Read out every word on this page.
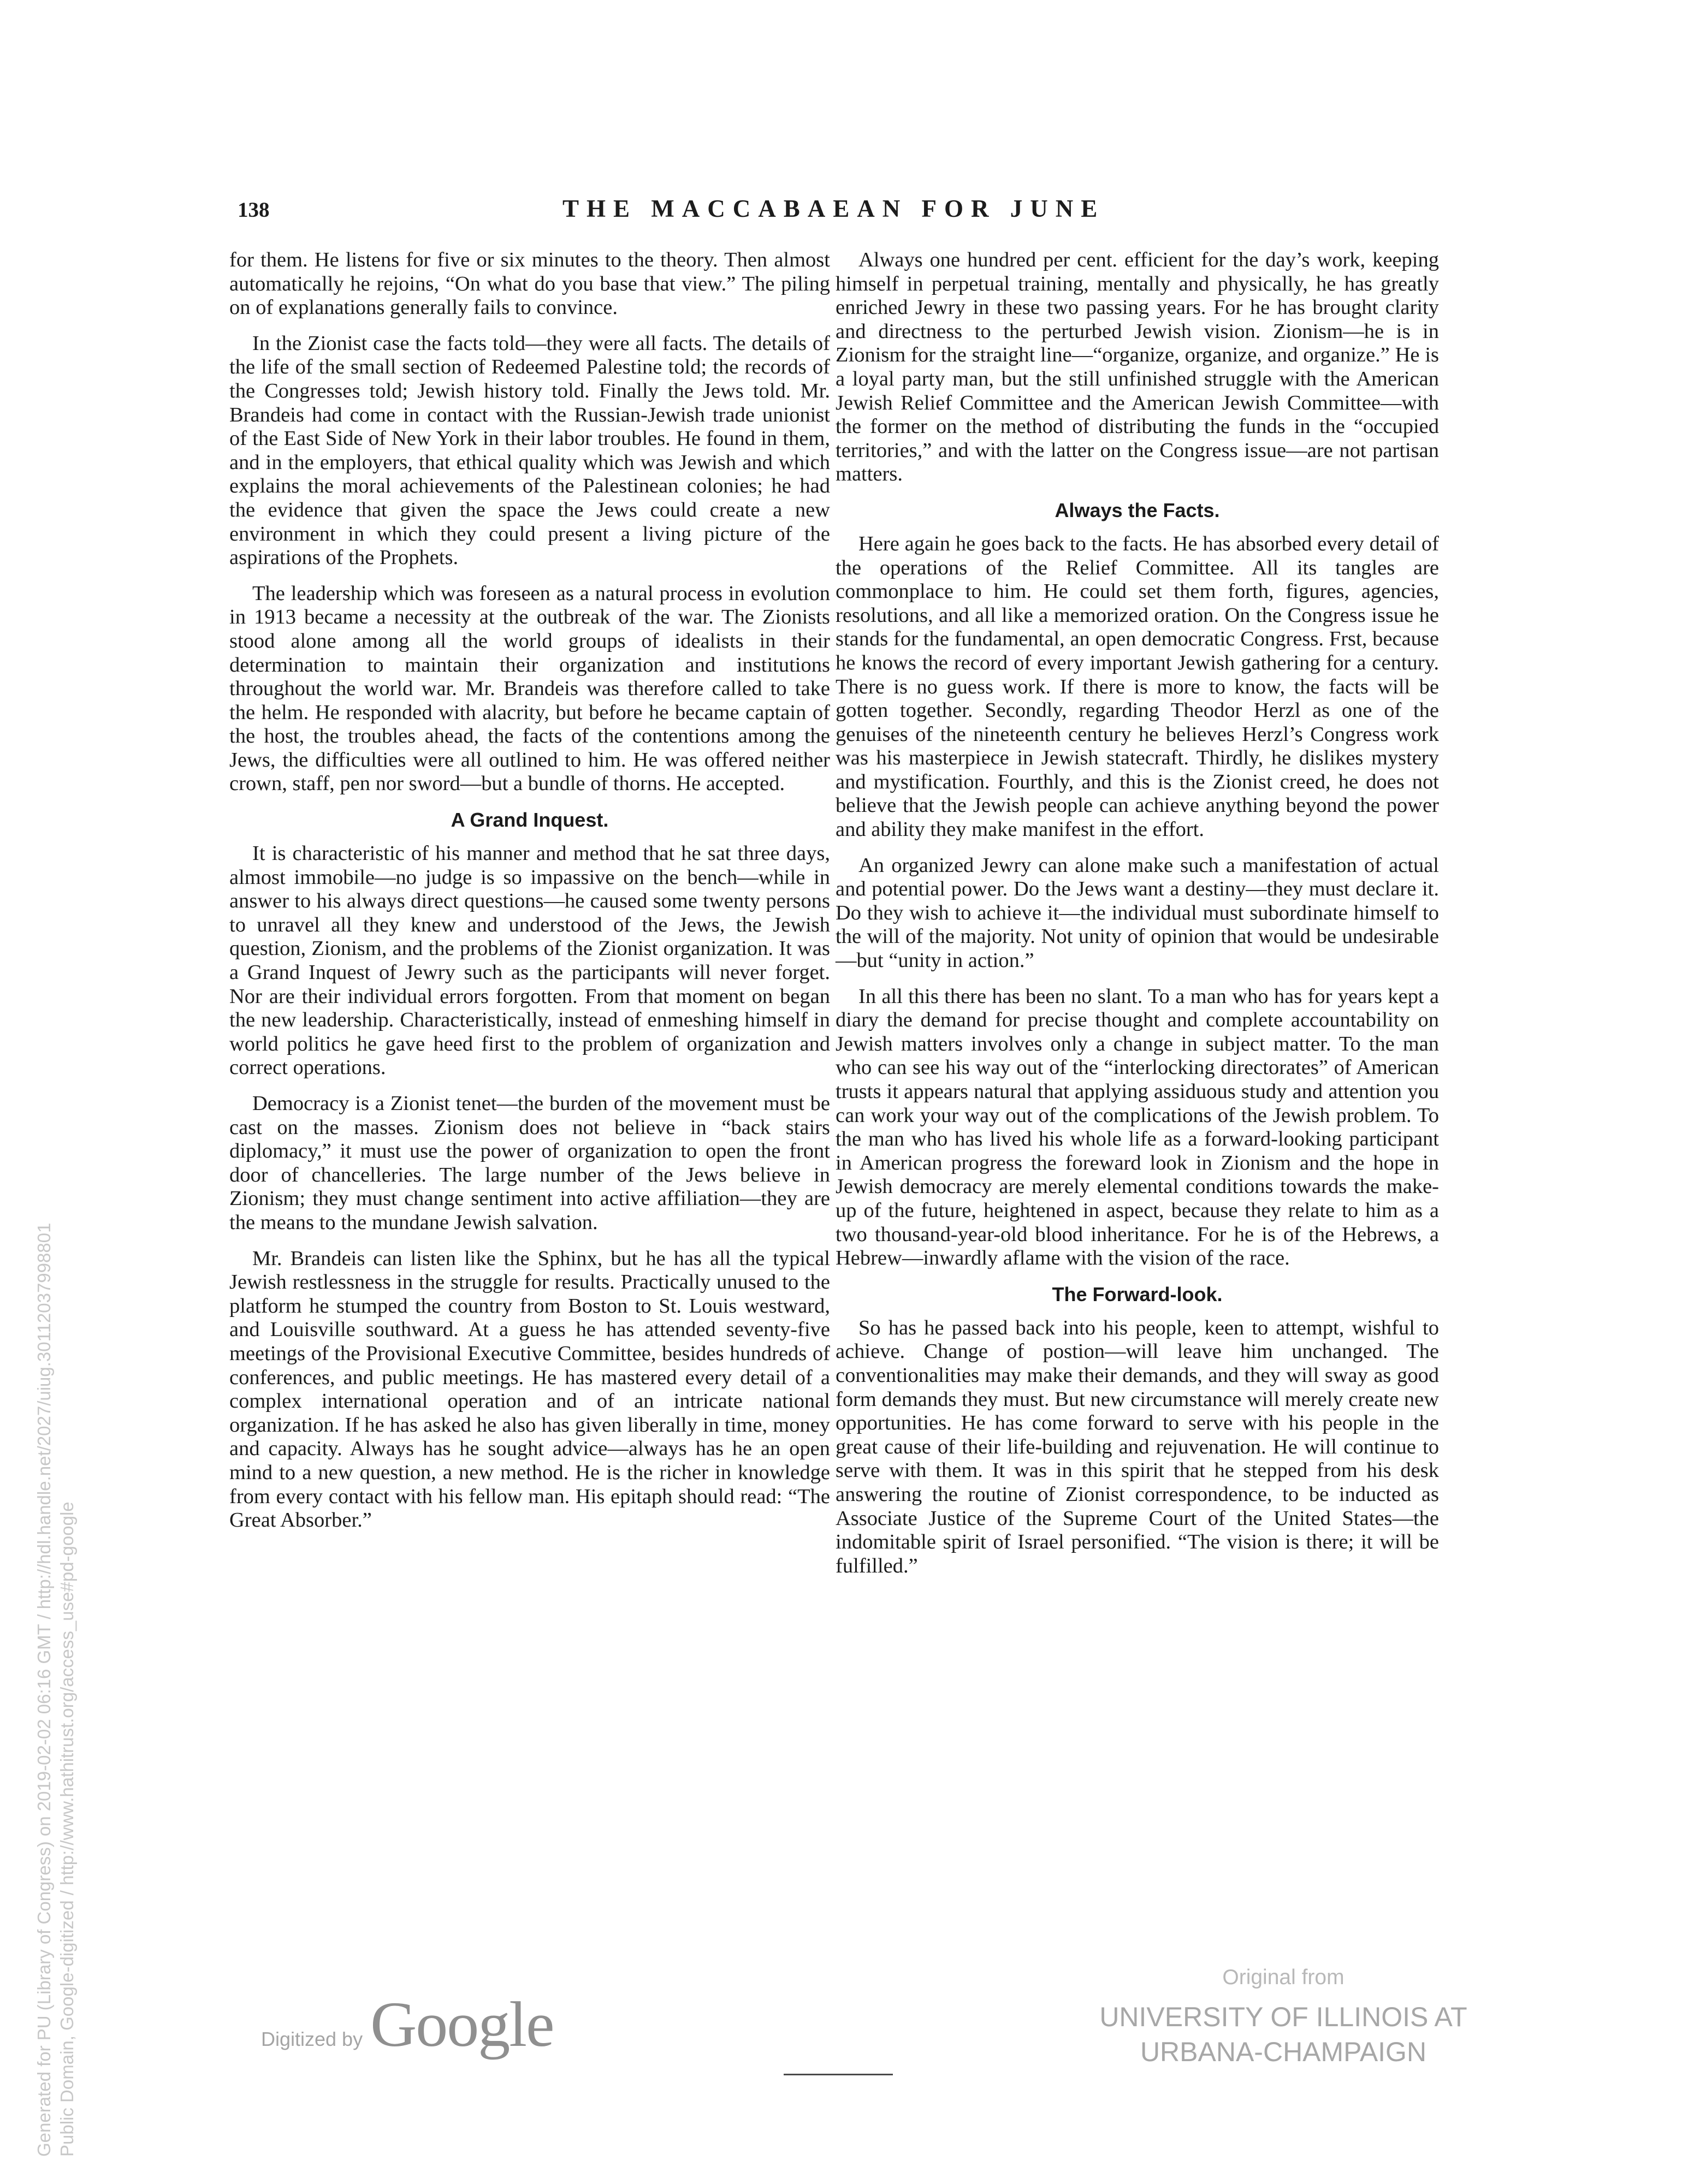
138	THE MACCABAEAN FOR JUNE

for them. He listens for five or six minutes to the theory. Then almost automatically he rejoins, “On what do you base that view.” The piling on of explanations generally fails to convince.

In the Zionist case the facts told—they were all facts. The details of the life of the small section of Redeemed Palestine told; the records of the Congresses told; Jewish history told. Finally the Jews told. Mr. Brandeis had come in contact with the Russian-Jewish trade unionist of the East Side of New York in their labor troubles. He found in them, and in the employers, that ethical quality which was Jewish and which explains the moral achievements of the Palestinean colonies; he had the evidence that given the space the Jews could create a new environment in which they could present a living picture of the aspirations of the Prophets.

The leadership which was foreseen as a natural process in evolution in 1913 became a necessity at the outbreak of the war. The Zionists stood alone among all the world groups of idealists in their determination to maintain their organization and institutions throughout the world war. Mr. Brandeis was therefore called to take the helm. He responded with alacrity, but before he became captain of the host, the troubles ahead, the facts of the contentions among the Jews, the difficulties were all outlined to him. He was offered neither crown, staff, pen nor sword—but a bundle of thorns. He accepted.

A Grand Inquest.

It is characteristic of his manner and method that he sat three days, almost immobile—no judge is so impassive on the bench—while in answer to his always direct questions—he caused some twenty persons to unravel all they knew and understood of the Jews, the Jewish question, Zionism, and the problems of the Zionist organization. It was a Grand Inquest of Jewry such as the participants will never forget. Nor are their individual errors forgotten. From that moment on began the new leadership. Characteristically, instead of enmeshing himself in world politics he gave heed first to the problem of organization and correct operations.

Democracy is a Zionist tenet—the burden of the movement must be cast on the masses. Zionism does not believe in “back stairs diplomacy,” it must use the power of organization to open the front door of chancelleries. The large number of the Jews believe in Zionism; they must change sentiment into active affiliation—they are the means to the mundane Jewish salvation.

Mr. Brandeis can listen like the Sphinx, but he has all the typical Jewish restlessness in the struggle for results. Practically unused to the platform he stumped the country from Boston to St. Louis westward, and Louisville southward. At a guess he has attended seventy-five meetings of the Provisional Executive Committee, besides hundreds of conferences, and public meetings. He has mastered every detail of a complex international operation and of an intricate national organization. If he has asked he also has given liberally in time, money and capacity. Always has he sought advice—always has he an open mind to a new question, a new method. He is the richer in knowledge from every contact with his fellow man. His epitaph should read: “The Great Absorber.”

Always one hundred per cent. efficient for the day’s work, keeping himself in perpetual training, mentally and physically, he has greatly enriched Jewry in these two passing years. For he has brought clarity and directness to the perturbed Jewish vision. Zionism—he is in Zionism for the straight line—“organize, organize, and organize.” He is a loyal party man, but the still unfinished struggle with the American Jewish Relief Committee and the American Jewish Committee—with the former on the method of distributing the funds in the “occupied territories,” and with the latter on the Congress issue—are not partisan matters.

Always the Facts.

Here again he goes back to the facts. He has absorbed every detail of the operations of the Relief Committee. All its tangles are commonplace to him. He could set them forth, figures, agencies, resolutions, and all like a memorized oration. On the Congress issue he stands for the fundamental, an open democratic Congress. Frst, because he knows the record of every important Jewish gathering for a century. There is no guess work. If there is more to know, the facts will be gotten together. Secondly, regarding Theodor Herzl as one of the genuises of the nineteenth century he believes Herzl’s Congress work was his masterpiece in Jewish statecraft. Thirdly, he dislikes mystery and mystification. Fourthly, and this is the Zionist creed, he does not believe that the Jewish people can achieve anything beyond the power and ability they make manifest in the effort.

An organized Jewry can alone make such a manifestation of actual and potential power. Do the Jews want a destiny—they must declare it. Do they wish to achieve it—the individual must subordinate himself to the will of the majority. Not unity of opinion that would be undesirable—but “unity in action.”

In all this there has been no slant. To a man who has for years kept a diary the demand for precise thought and complete accountability on Jewish matters involves only a change in subject matter. To the man who can see his way out of the “interlocking directorates” of American trusts it appears natural that applying assiduous study and attention you can work your way out of the complications of the Jewish problem. To the man who has lived his whole life as a forward-looking participant in American progress the foreward look in Zionism and the hope in Jewish democracy are merely elemental conditions towards the make-up of the future, heightened in aspect, because they relate to him as a two thousand-year-old blood inheritance. For he is of the Hebrews, a Hebrew—inwardly aflame with the vision of the race.

The Forward-look.

So has he passed back into his people, keen to attempt, wishful to achieve. Change of postion—will leave him unchanged. The conventionalities may make their demands, and they will sway as good form demands they must. But new circumstance will merely create new opportunities. He has come forward to serve with his people in the great cause of their life-building and rejuvenation. He will continue to serve with them. It was in this spirit that he stepped from his desk answering the routine of Zionist correspondence, to be inducted as Associate Justice of the Supreme Court of the United States—the indomitable spirit of Israel personified. “The vision is there; it will be fulfilled.”

Generated for PU (Library of Congress) on 2019-02-02 06:16 GMT / http://hdl.handle.net/2027/uiug.30112037998801 Public Domain, Google-digitized / http://www.hathitrust.org/access_use#pd-google	Digitized by Google
Original from
UNIVERSITY OF ILLINOIS AT
URBANA-CHAMPAIGN
